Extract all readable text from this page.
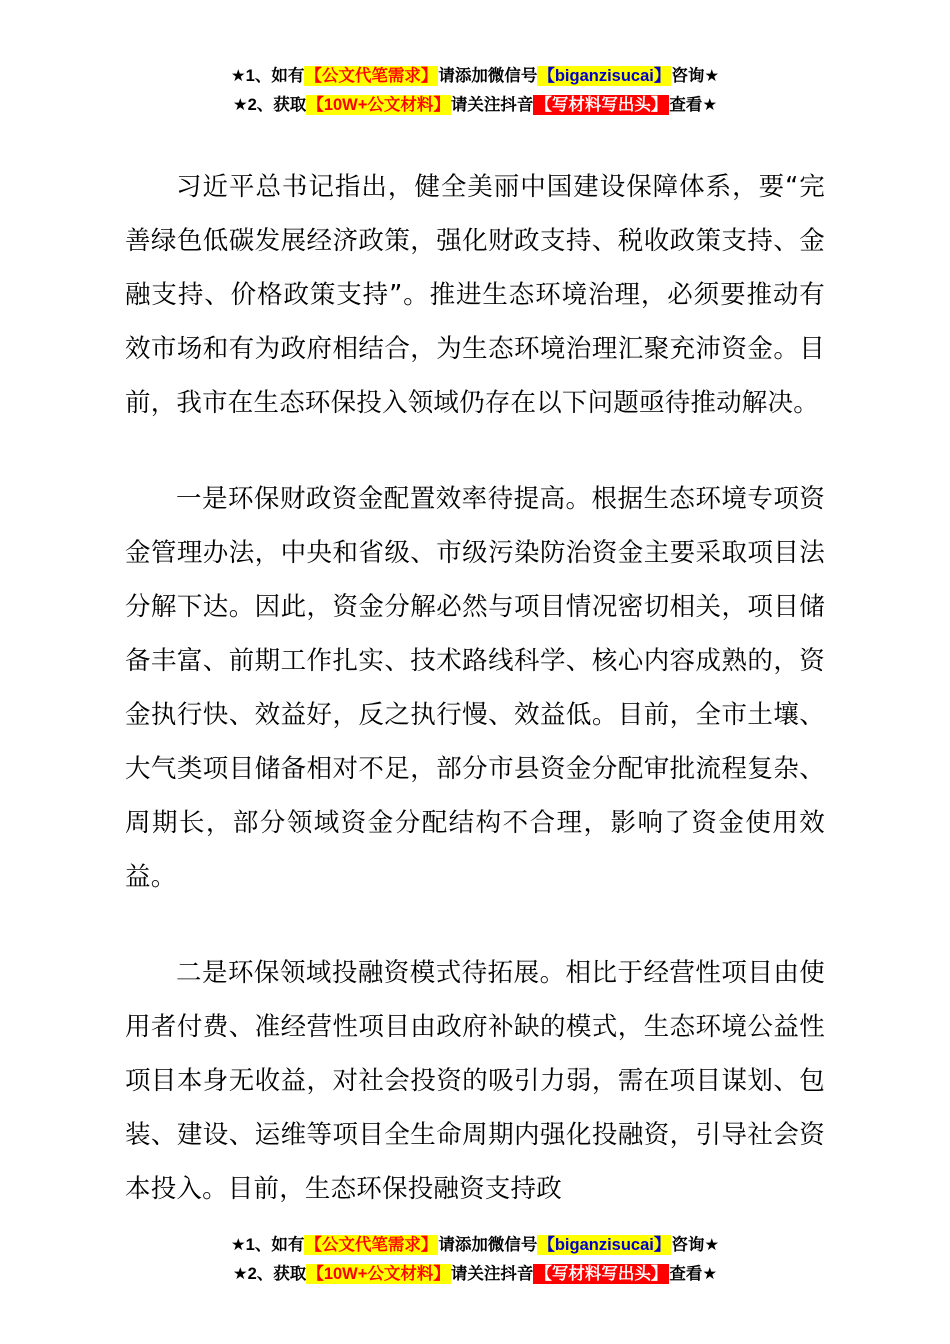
★1、如有【公文代笔需求】请添加微信号【biganzisucai】咨询★
★2、获取【10W+公文材料】请关注抖音 【写材料写出头】 查看★

习近平总书记指出，健全美丽中国建设保障体系，要“完善绿色低碳发展经济政策，强化财政支持、税收政策支持、金融支持、价格政策支持”。推进生态环境治理，必须要推动有效市场和有为政府相结合，为生态环境治理汇聚充沛资金。目前，我市在生态环保投入领域仍存在以下问题亟待推动解决。

一是环保财政资金配置效率待提高。根据生态环境专项资金管理办法，中央和省级、市级污染防治资金主要采取项目法分解下达。因此，资金分解必然与项目情况密切相关，项目储备丰富、前期工作扎实、技术路线科学、核心内容成熟的，资金执行快、效益好，反之执行慢、效益低。目前，全市土壤、大气类项目储备相对不足，部分市县资金分配审批流程复杂、周期长，部分领域资金分配结构不合理，影响了资金使用效益。

二是环保领域投融资模式待拓展。相比于经营性项目由使用者付费、准经营性项目由政府补缺的模式，生态环境公益性项目本身无收益，对社会投资的吸引力弱，需在项目谋划、包装、建设、运维等项目全生命周期内强化投融资，引导社会资本投入。目前，生态环保投融资支持政

★1、如有【公文代笔需求】请添加微信号【biganzisucai】咨询★
★2、获取【10W+公文材料】请关注抖音 【写材料写出头】 查看★
